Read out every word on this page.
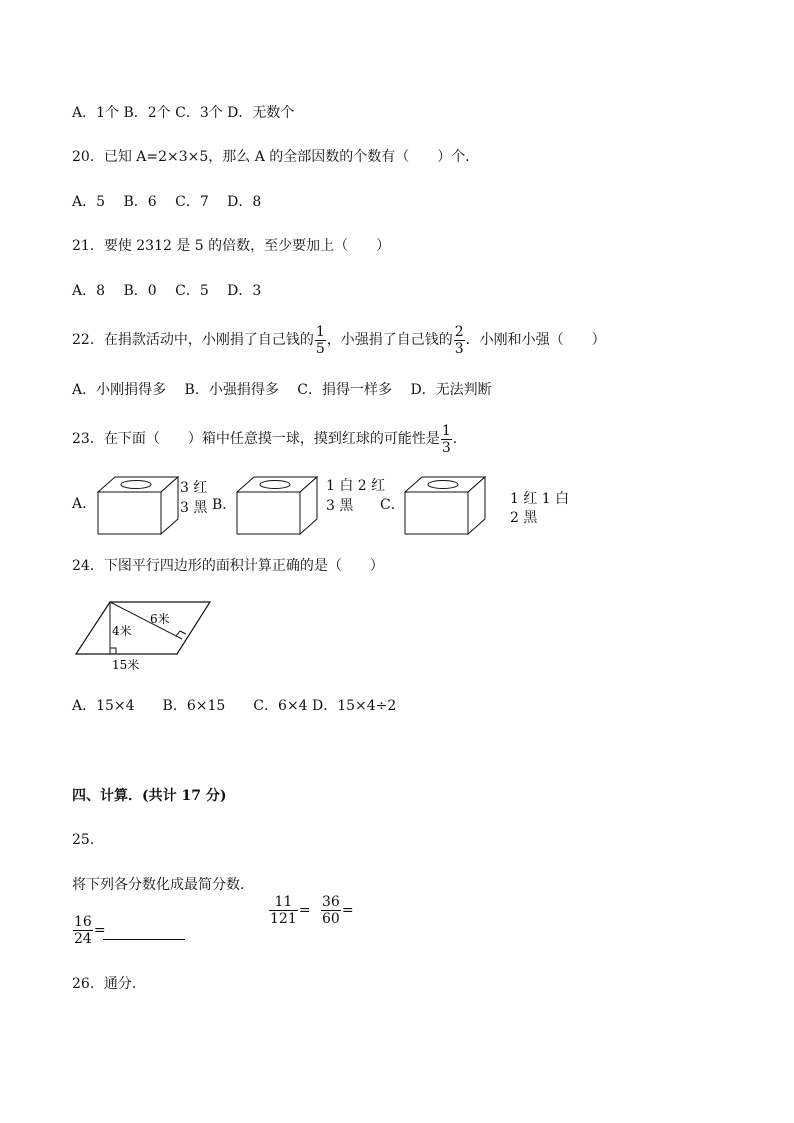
A．1个 B．2个 C．3个 D．无数个
20．已知 A=2×3×5，那么 A 的全部因数的个数有（　　）个．
A．5　 B．6　 C．7　 D．8
21．要使 2312 是 5 的倍数，至少要加上（　　）
A．8　 B．0　 C．5　 D．3
22．在捐款活动中，小刚捐了自己钱的 $\frac{1}{5}$ ，小强捐了自己钱的 $\frac{2}{3}$ ．小刚和小强（　　）
A．小刚捐得多　 B．小强捐得多　 C．捐得一样多　 D．无法判断
23．在下面（　　）箱中任意摸一球，摸到红球的可能性是 $\frac{1}{3}$ ．
A．
3 红
3 黑 B．
1 白 2 红
3 黑 C．	1 红 1 白
2 黑
24．下图平行四边形的面积计算正确的是（　　）
4米
6米
15米
A．15×4　　B．6×15　　C．6×4 D．15×4÷2
四、计算．(共计 17 分)
25．
将下列各分数化成最简分数．
$\frac{16}{24}$ =
$\frac{11}{121} = \frac{36}{60}$ =
26．通分．
